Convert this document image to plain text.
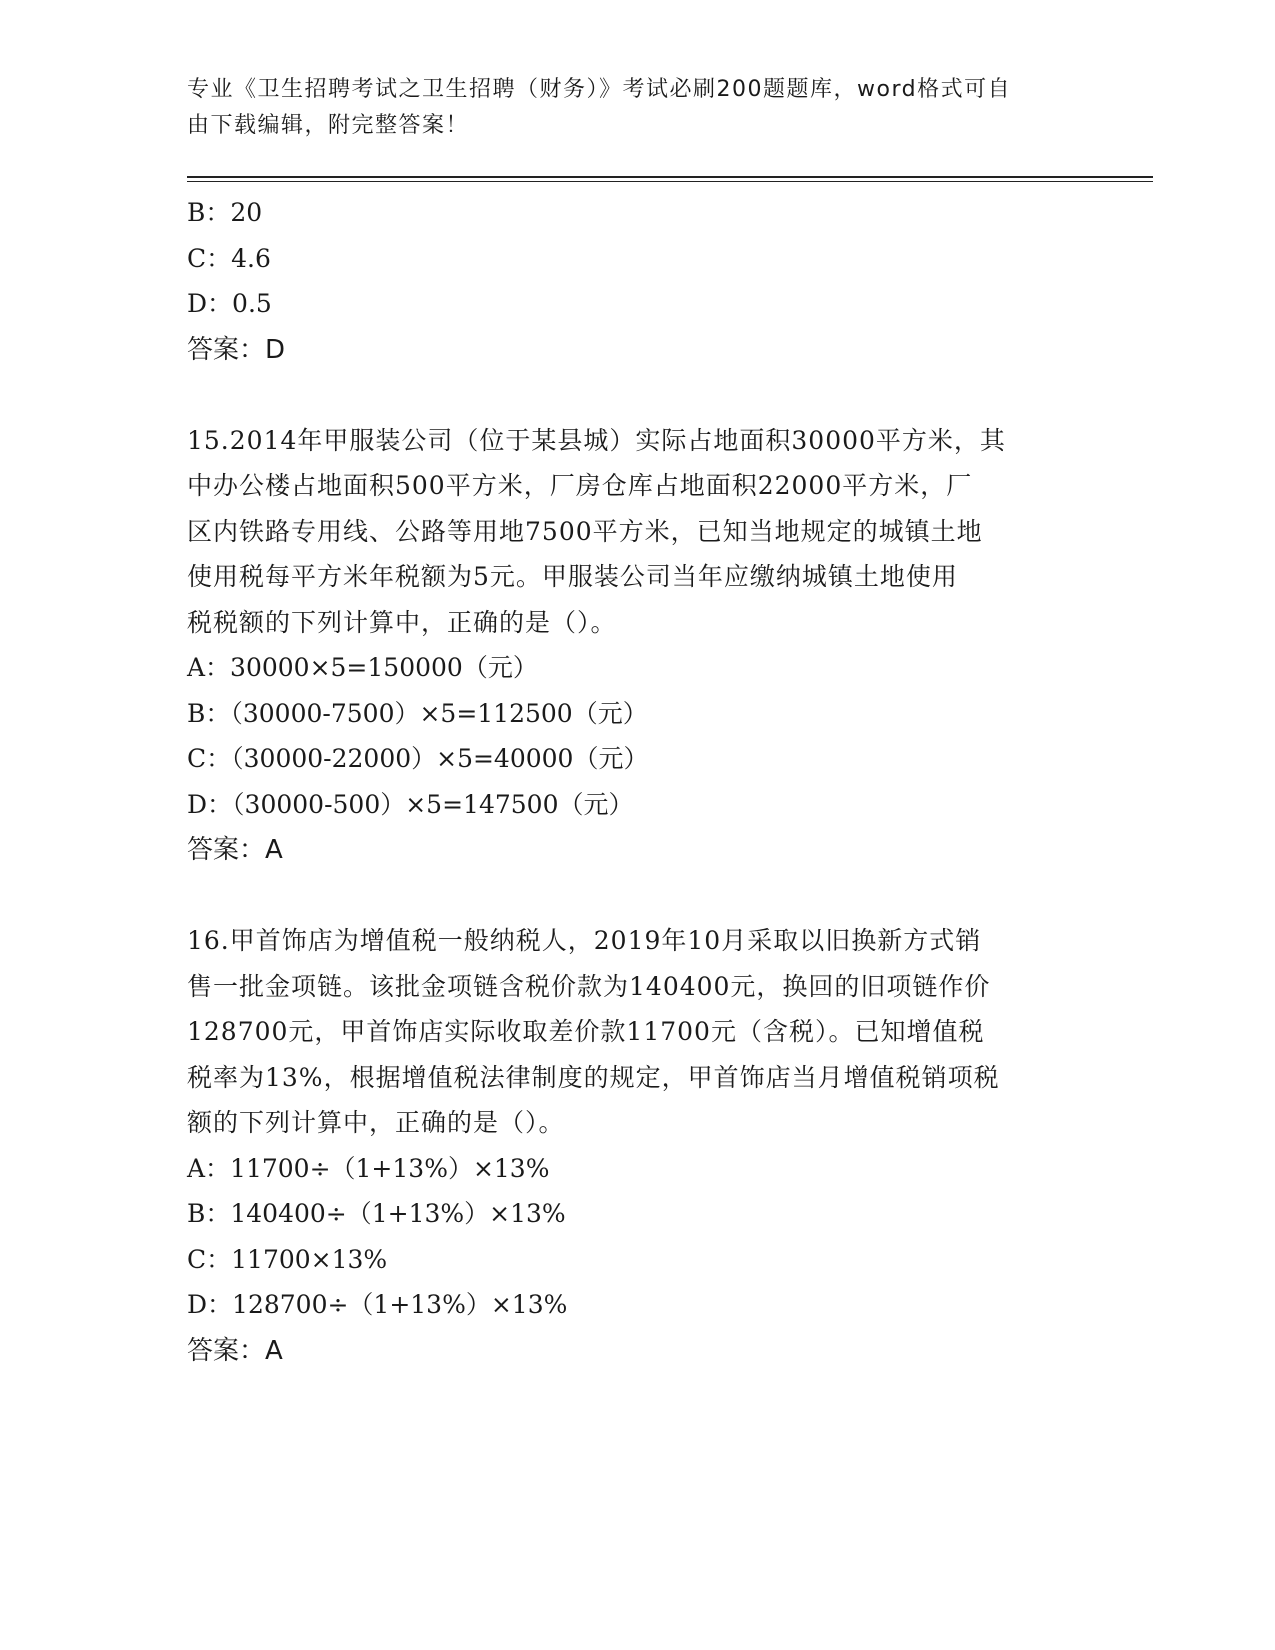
专业《卫生招聘考试之卫生招聘（财务）》考试必刷200题题库，word格式可自
由下载编辑，附完整答案！

B：20

C：4.6

D：0.5

答案：D

15.2014年甲服装公司（位于某县城）实际占地面积30000平方米，其

中办公楼占地面积500平方米，厂房仓库占地面积22000平方米，厂

区内铁路专用线、公路等用地7500平方米，已知当地规定的城镇土地

使用税每平方米年税额为5元。甲服装公司当年应缴纳城镇土地使用

税税额的下列计算中，正确的是（）。

A：30000×5=150000（元）

B：（30000-7500）×5=112500（元）

C：（30000-22000）×5=40000（元）

D：（30000-500）×5=147500（元）

答案：A

16.甲首饰店为增值税一般纳税人，2019年10月采取以旧换新方式销

售一批金项链。该批金项链含税价款为140400元，换回的旧项链作价

128700元，甲首饰店实际收取差价款11700元（含税）。已知增值税

税率为13%，根据增值税法律制度的规定，甲首饰店当月增值税销项税

额的下列计算中，正确的是（）。

A：11700÷（1+13%）×13%

B：140400÷（1+13%）×13%

C：11700×13%

D：128700÷（1+13%）×13%

答案：A
